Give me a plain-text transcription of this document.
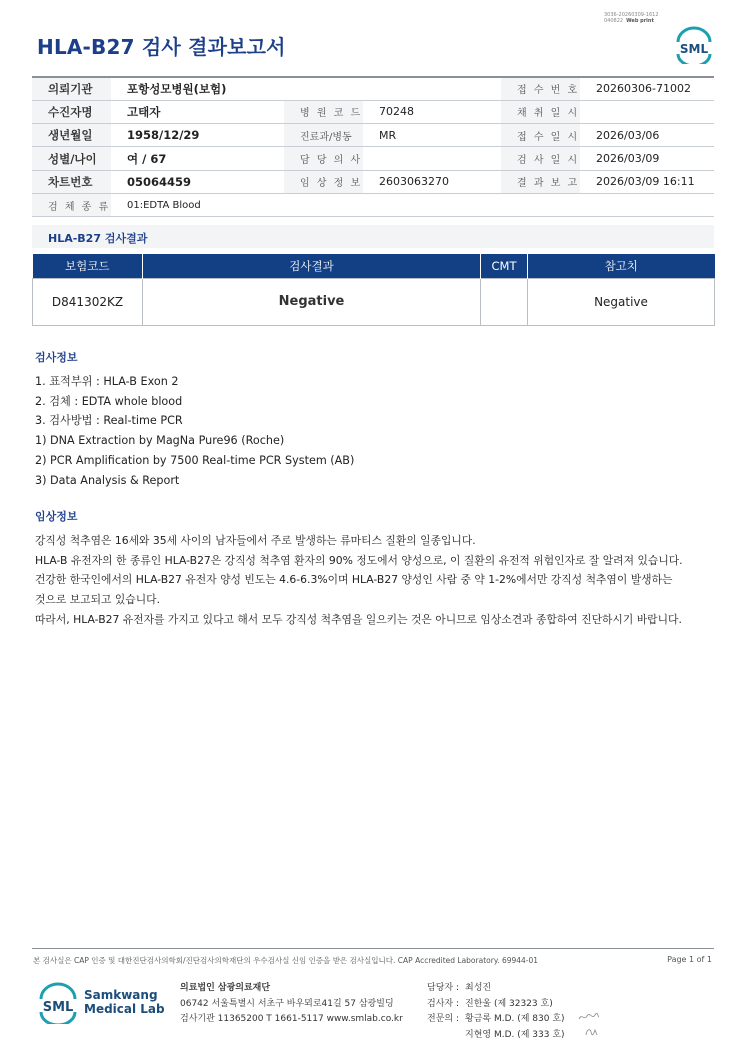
3036-20260309-1612
040822 Web print
HLA-B27 검사 결과보고서	SML
의뢰기관	포항성모병원(보험)			접 수 번 호	20260306-71002
수진자명	고태자	병 원 코 드	70248	채 취 일 시	
생년월일	1958/12/29	진료과/병동	MR	접 수 일 시	2026/03/06
성별/나이	여 / 67	담 당 의 사		검 사 일 시	2026/03/09
차트번호	05064459	임 상 정 보	2603063270	결 과 보 고	2026/03/09 16:11
검 체 종 류	01:EDTA Blood				
HLA-B27 검사결과
보험코드	검사결과	CMT	참고치
D841302KZ	Negative		Negative
검사정보
1. 표적부위 : HLA-B Exon 2
2. 검체 : EDTA whole blood
3. 검사방법 : Real-time PCR
1) DNA Extraction by MagNa Pure96 (Roche)
2) PCR Amplification by 7500 Real-time PCR System (AB)
3) Data Analysis & Report
임상정보
강직성 척추염은 16세와 35세 사이의 남자들에서 주로 발생하는 류마티스 질환의 일종입니다.
HLA-B 유전자의 한 종류인 HLA-B27은 강직성 척추염 환자의 90% 정도에서 양성으로, 이 질환의 유전적 위험인자로 잘 알려져 있습니다.
건강한 한국인에서의 HLA-B27 유전자 양성 빈도는 4.6-6.3%이며 HLA-B27 양성인 사람 중 약 1-2%에서만 강직성 척추염이 발생하는
것으로 보고되고 있습니다.
따라서, HLA-B27 유전자를 가지고 있다고 해서 모두 강직성 척추염을 일으키는 것은 아니므로 임상소견과 종합하여 진단하시기 바랍니다.
본 검사실은 CAP 인증 및 대한진단검사의학회/진단검사의학재단의 우수검사실 신임 인증을 받은 검사실입니다. CAP Accredited Laboratory. 69944-01	Page 1 of 1
SML
Samkwang
Medical Lab
의료법인 삼광의료재단
06742 서울특별시 서초구 바우뫼로41길 57 삼광빌딩
검사기관 11365200 T 1661-5117 www.smlab.co.kr
담당자 : 최성진
검사자 : 진한울 (제 32323 호)
전문의 : 황금록 M.D. (제 830 호)
지현영 M.D. (제 333 호)
